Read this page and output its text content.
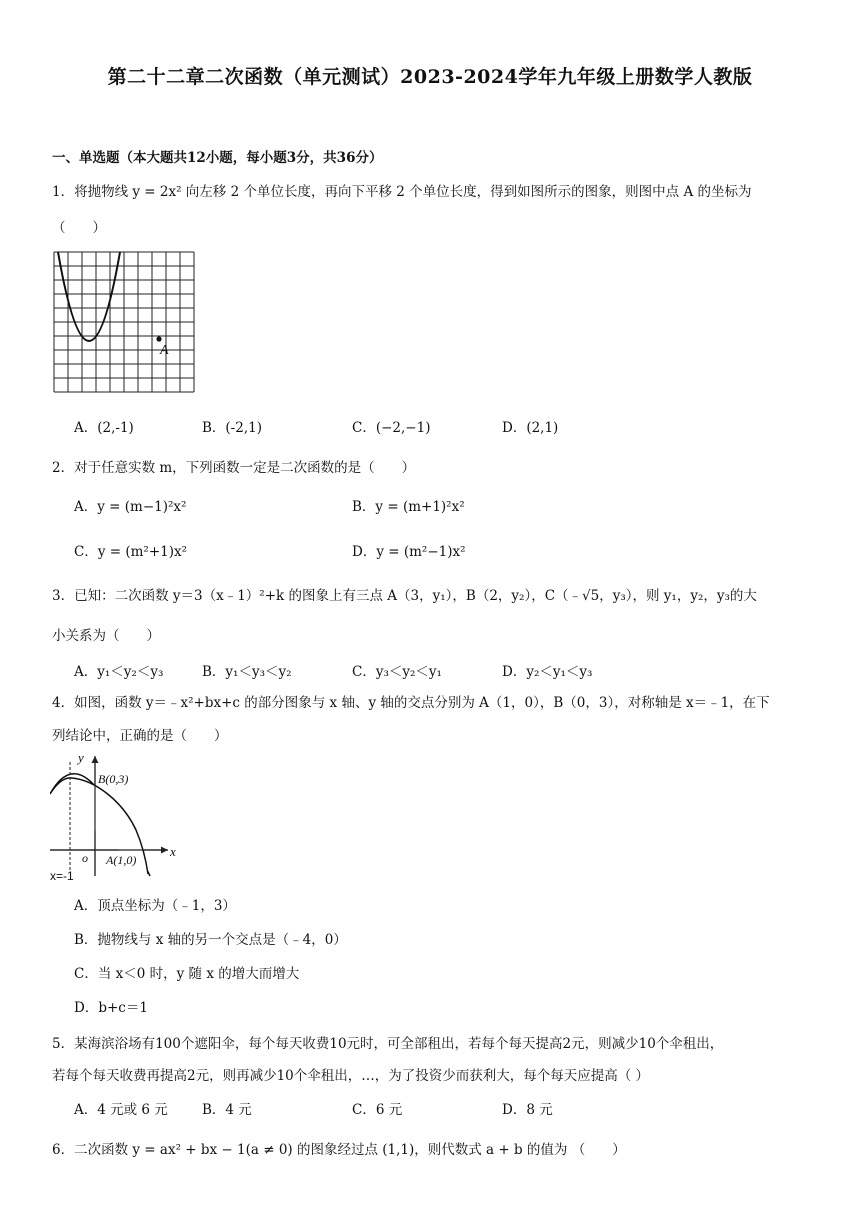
第二十二章二次函数（单元测试）2023-2024学年九年级上册数学人教版
一、单选题（本大题共12小题，每小题3分，共36分）
1．将抛物线 y = 2x² 向左移 2 个单位长度，再向下平移 2 个单位长度，得到如图所示的图象，则图中点 A 的坐标为
（　　）
A
A．(2,-1)	B．(-2,1)	C．(−2,−1)	D．(2,1)
2．对于任意实数 m，下列函数一定是二次函数的是（　　）
A．y = (m−1)²x²	B．y = (m+1)²x²
C．y = (m²+1)x²	D．y = (m²−1)x²
3．已知：二次函数 y＝3（x﹣1）²+k 的图象上有三点 A（3，y₁），B（2，y₂），C（﹣√5，y₃），则 y₁，y₂，y₃的大
小关系为（　　）
A．y₁＜y₂＜y₃	B．y₁＜y₃＜y₂	C．y₃＜y₂＜y₁	D．y₂＜y₁＜y₃
4．如图，函数 y＝﹣x²+bx+c 的部分图象与 x 轴、y 轴的交点分别为 A（1，0），B（0，3），对称轴是 x＝﹣1，在下
列结论中，正确的是（　　）
y
x
o
B(0,3)
A(1,0)
x=-1
A．顶点坐标为（﹣1，3）
B．抛物线与 x 轴的另一个交点是（﹣4，0）
C．当 x＜0 时，y 随 x 的增大而增大
D．b+c＝1
5．某海滨浴场有100个遮阳伞，每个每天收费10元时，可全部租出，若每个每天提高2元，则减少10个伞租出，
若每个每天收费再提高2元，则再减少10个伞租出，…，为了投资少而获利大，每个每天应提高（ ）
A．4 元或 6 元	B．4 元	C．6 元	D．8 元
6．二次函数 y = ax² + bx − 1(a ≠ 0) 的图象经过点 (1,1)，则代数式 a + b 的值为 （　　）
